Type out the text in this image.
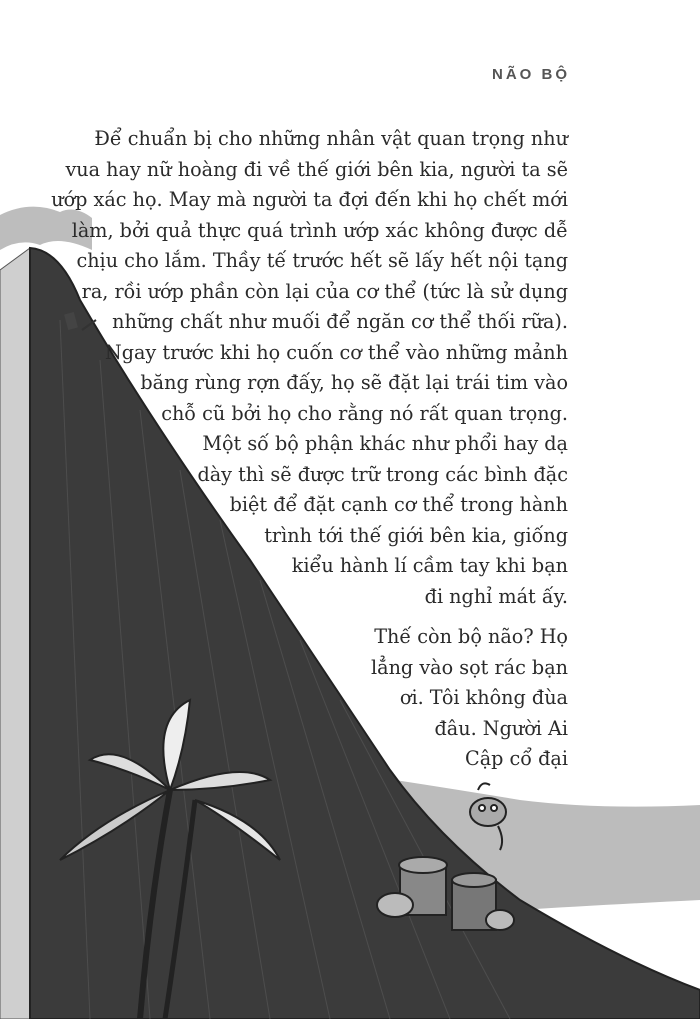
NÃO BỘ
Để chuẩn bị cho những nhân vật quan trọng như
vua hay nữ hoàng đi về thế giới bên kia, người ta sẽ
ướp xác họ. May mà người ta đợi đến khi họ chết mới
làm, bởi quả thực quá trình ướp xác không được dễ
chịu cho lắm. Thầy tế trước hết sẽ lấy hết nội tạng
ra, rồi ướp phần còn lại của cơ thể (tức là sử dụng
những chất như muối để ngăn cơ thể thối rữa).
Ngay trước khi họ cuốn cơ thể vào những mảnh
băng rùng rợn đấy, họ sẽ đặt lại trái tim vào
chỗ cũ bởi họ cho rằng nó rất quan trọng.
Một số bộ phận khác như phổi hay dạ
dày thì sẽ được trữ trong các bình đặc
biệt để đặt cạnh cơ thể trong hành
trình tới thế giới bên kia, giống
kiểu hành lí cầm tay khi bạn
đi nghỉ mát ấy.
Thế còn bộ não? Họ
lẳng vào sọt rác bạn
ơi. Tôi không đùa
đâu. Người Ai
Cập cổ đại
